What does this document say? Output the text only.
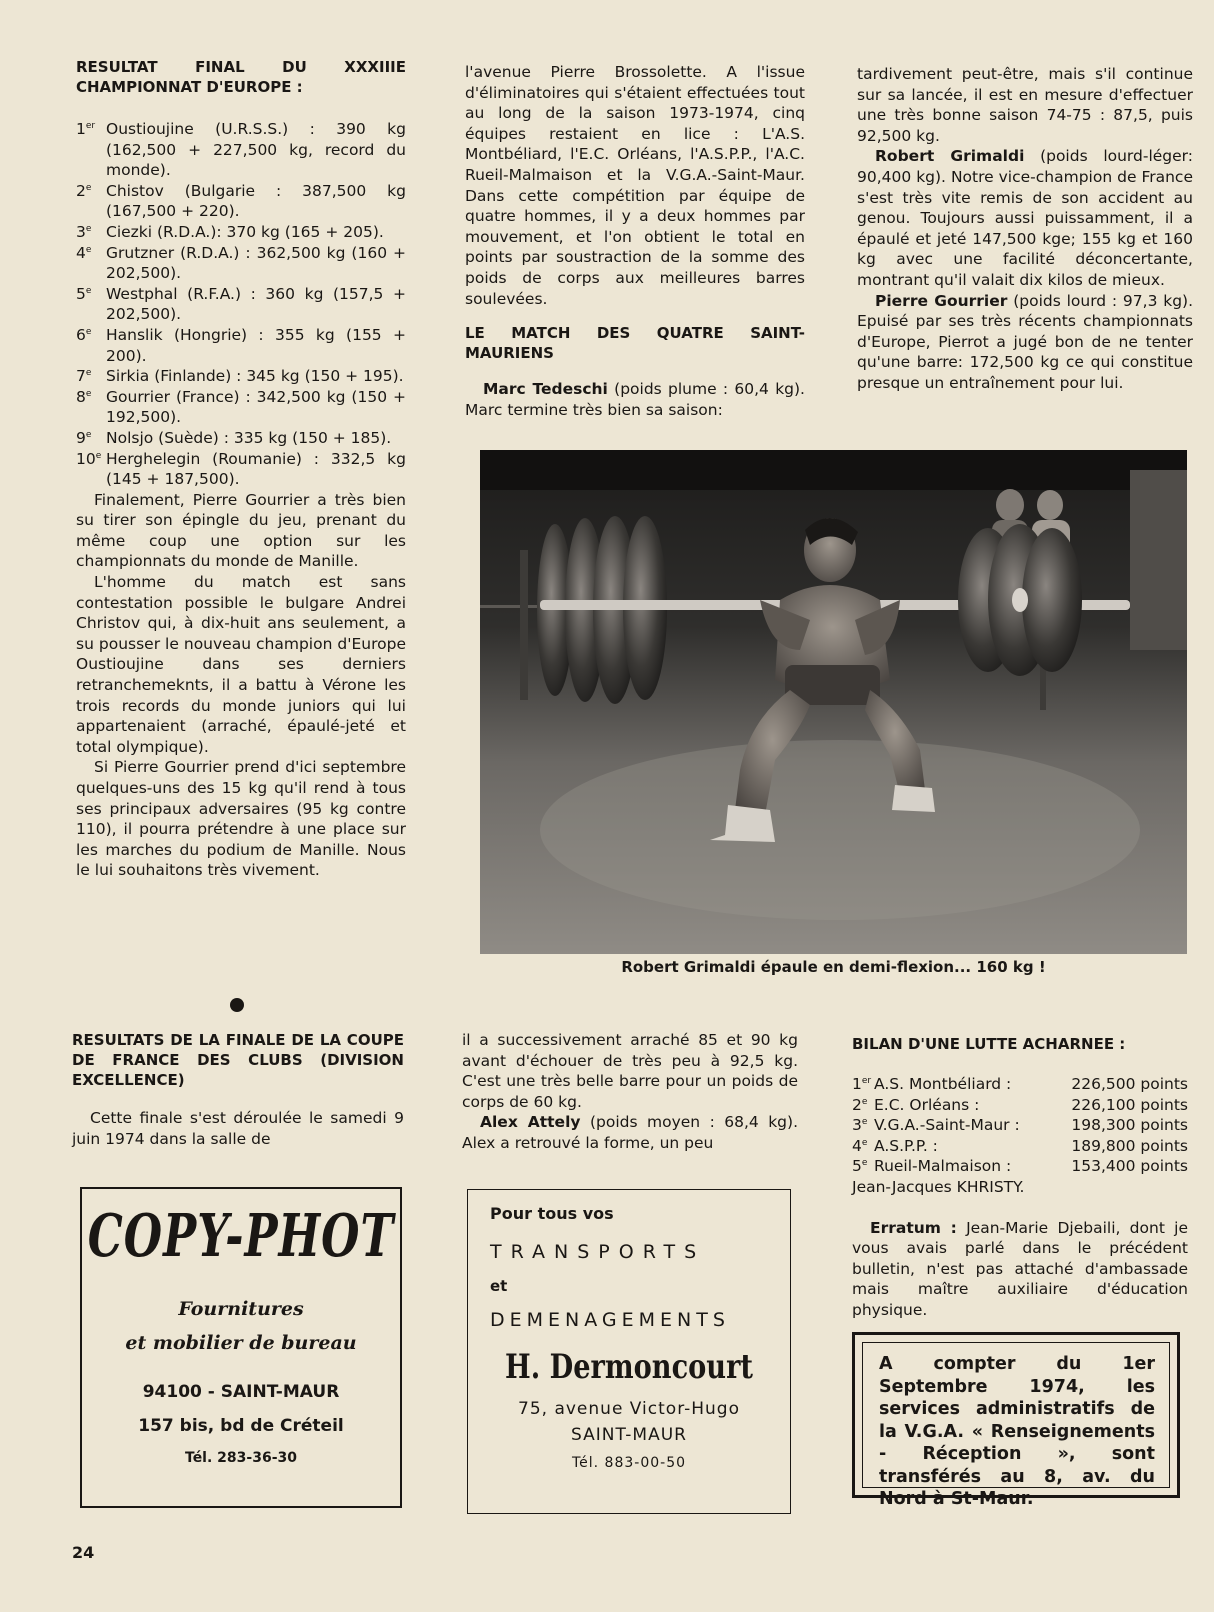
RESULTAT FINAL DU XXXIIIE CHAMPIONNAT D'EUROPE :

1er Oustioujine (U.R.S.S.) : 390 kg (162,500 + 227,500 kg, record du monde).

2e Chistov (Bulgarie : 387,500 kg (167,500 + 220).

3e Ciezki (R.D.A.): 370 kg (165 + 205).

4e Grutzner (R.D.A.) : 362,500 kg (160 + 202,500).

5e Westphal (R.F.A.) : 360 kg (157,5 + 202,500).

6e Hanslik (Hongrie) : 355 kg (155 + 200).

7e Sirkia (Finlande) : 345 kg (150 + 195).

8e Gourrier (France) : 342,500 kg (150 + 192,500).

9e Nolsjo (Suède) : 335 kg (150 + 185).

10e Herghelegin (Roumanie) : 332,5 kg (145 + 187,500).

Finalement, Pierre Gourrier a très bien su tirer son épingle du jeu, prenant du même coup une option sur les championnats du monde de Manille.

L'homme du match est sans contestation possible le bulgare Andrei Christov qui, à dix-huit ans seulement, a su pousser le nouveau champion d'Europe Oustioujine dans ses derniers retranchemeknts, il a battu à Vérone les trois records du monde juniors qui lui appartenaient (arraché, épaulé-jeté et total olympique).

Si Pierre Gourrier prend d'ici septembre quelques-uns des 15 kg qu'il rend à tous ses principaux adversaires (95 kg contre 110), il pourra prétendre à une place sur les marches du podium de Manille. Nous le lui souhaitons très vivement.

RESULTATS DE LA FINALE DE LA COUPE DE FRANCE DES CLUBS (DIVISION EXCELLENCE)

Cette finale s'est déroulée le samedi 9 juin 1974 dans la salle de

l'avenue Pierre Brossolette. A l'issue d'éliminatoires qui s'étaient effectuées tout au long de la saison 1973-1974, cinq équipes restaient en lice : L'A.S. Montbéliard, l'E.C. Orléans, l'A.S.P.P., l'A.C. Rueil-Malmaison et la V.G.A.-Saint-Maur. Dans cette compétition par équipe de quatre hommes, il y a deux hommes par mouvement, et l'on obtient le total en points par soustraction de la somme des poids de corps aux meilleures barres soulevées.

LE MATCH DES QUATRE SAINT-MAURIENS

Marc Tedeschi (poids plume : 60,4 kg). Marc termine très bien sa saison:

il a successivement arraché 85 et 90 kg avant d'échouer de très peu à 92,5 kg. C'est une très belle barre pour un poids de corps de 60 kg.

Alex Attely (poids moyen : 68,4 kg). Alex a retrouvé la forme, un peu

tardivement peut-être, mais s'il continue sur sa lancée, il est en mesure d'effectuer une très bonne saison 74-75 : 87,5, puis 92,500 kg.

Robert Grimaldi (poids lourd-léger: 90,400 kg). Notre vice-champion de France s'est très vite remis de son accident au genou. Toujours aussi puissamment, il a épaulé et jeté 147,500 kge; 155 kg et 160 kg avec une facilité déconcertante, montrant qu'il valait dix kilos de mieux.

Pierre Gourrier (poids lourd : 97,3 kg). Epuisé par ses très récents championnats d'Europe, Pierrot a jugé bon de ne tenter qu'une barre: 172,500 kg ce qui constitue presque un entraînement pour lui.

BILAN D'UNE LUTTE ACHARNEE :

1er A.S. Montbéliard :	226,500 points
2e E.C. Orléans :	226,100 points
3e V.G.A.-Saint-Maur :	198,300 points
4e A.S.P.P. :	189,800 points
5e Rueil-Malmaison :	153,400 points

Jean-Jacques KHRISTY.

Erratum : Jean-Marie Djebaili, dont je vous avais parlé dans le précédent bulletin, n'est pas attaché d'ambassade mais maître auxiliaire d'éducation physique.

Robert Grimaldi épaule en demi-flexion... 160 kg !
COPY-PHOT
Fournitures
et mobilier de bureau
94100 - SAINT-MAUR
157 bis, bd de Créteil
Tél. 283-36-30
Pour tous vos
TRANSPORTS
et
DEMENAGEMENTS
H. Dermoncourt
75, avenue Victor-Hugo
SAINT-MAUR
Tél. 883-00-50
A compter du 1er Septembre 1974, les services administratifs de la V.G.A. « Renseignements - Réception », sont transférés au 8, av. du Nord à St-Maur.
24
